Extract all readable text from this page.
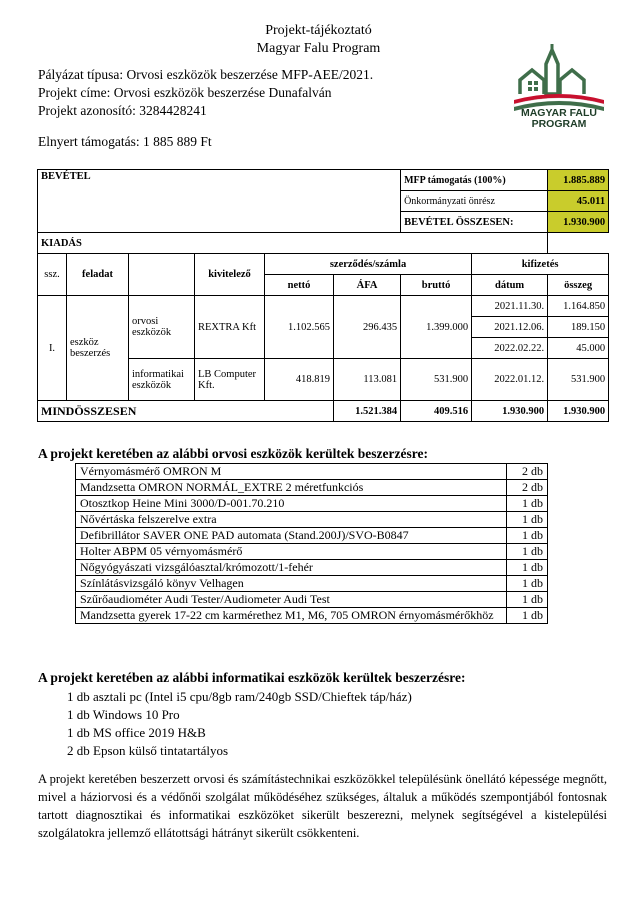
Projekt-tájékoztató
Magyar Falu Program
MAGYAR FALU
PROGRAM
Pályázat típusa: Orvosi eszközök beszerzése MFP-AEE/2021.
Projekt címe: Orvosi eszközök beszerzése Dunafalván
Projekt azonosító: 3284428241
Elnyert támogatás: 1 885 889 Ft
BEVÉTEL						MFP támogatás (100%)		1.885.889
						Önkormányzati önrész		45.011
						BEVÉTEL ÖSSZESEN:		1.930.900
KIADÁS								
ssz.	feladat		kivitelező	szerződés/számla			kifizetés	
				nettó	ÁFA	bruttó	dátum	összeg
I.	eszköz beszerzés	orvosi eszközök	REXTRA Kft	1.102.565	296.435	1.399.000	2021.11.30.	1.164.850
							2021.12.06.	189.150
							2022.02.22.	45.000
		informatikai eszközök	LB Computer Kft.	418.819	113.081	531.900	2022.01.12.	531.900
MINDÖSSZESEN					1.521.384	409.516	1.930.900	1.930.900
A projekt keretében az alábbi orvosi eszközök kerültek beszerzésre:
Vérnyomásmérő OMRON M	2 db
Mandzsetta OMRON NORMÁL_EXTRE 2 méretfunkciós	2 db
Otosztkop Heine Mini 3000/D-001.70.210	1 db
Nővértáska felszerelve extra	1 db
Defibrillátor SAVER ONE PAD automata (Stand.200J)/SVO-B0847	1 db
Holter ABPM 05 vérnyomásmérő	1 db
Nőgyógyászati vizsgálóasztal/krómozott/1-fehér	1 db
Színlátásvizsgáló könyv Velhagen	1 db
Szűrőaudiométer Audi Tester/Audiometer Audi Test	1 db
Mandzsetta gyerek 17-22 cm karmérethez M1, M6, 705 OMRON érnyomásmérőkhöz	1 db
A projekt keretében az alábbi informatikai eszközök kerültek beszerzésre:
1 db asztali pc (Intel i5 cpu/8gb ram/240gb SSD/Chieftek táp/ház)
1 db Windows 10 Pro
1 db MS office 2019 H&B
2 db Epson külső tintatartályos
A projekt keretében beszerzett orvosi és számítástechnikai eszközökkel településünk önellátó képessége megnőtt, mivel a háziorvosi és a védőnői szolgálat működéséhez szükséges, általuk a működés szempontjából fontosnak tartott diagnosztikai és informatikai eszközöket sikerült beszerezni, melynek segítségével a kistelepülési szolgálatokra jellemző ellátottsági hátrányt sikerült csökkenteni.
